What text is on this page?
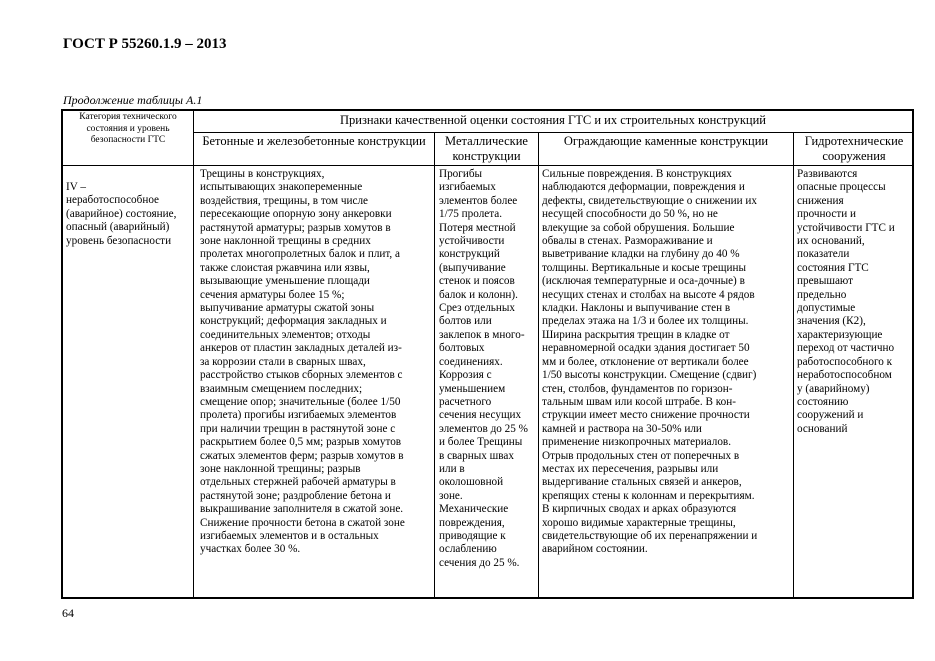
ГОСТ Р 55260.1.9 – 2013
Продолжение таблицы А.1
Категория технического состояния и уровень безопасности ГТС
Признаки качественной оценки состояния ГТС и их строительных конструкций
Бетонные и железобетонные конструкции	Металлические конструкции
Ограждающие каменные конструкции	Гидротехнические сооружения
IV –
неработоспособное
(аварийное) состояние,
опасный (аварийный)
уровень безопасности
Трещины в конструкциях,
испытывающих знакопеременные
воздействия, трещины, в том числе
пересекающие опорную зону анкеровки
растянутой арматуры; разрыв хомутов в
зоне наклонной трещины в средних
пролетах многопролетных балок и плит, а
также слоистая ржавчина или язвы,
вызывающие уменьшение площади
сечения арматуры более 15 %;
выпучивание арматуры сжатой зоны
конструкций; деформация закладных и
соединительных элементов; отходы
анкеров от пластин закладных деталей из-
за коррозии стали в сварных швах,
расстройство стыков сборных элементов с
взаимным смещением последних;
смещение опор; значительные (более 1/50
пролета) прогибы изгибаемых элементов
при наличии трещин в растянутой зоне с
раскрытием более 0,5 мм; разрыв хомутов
сжатых элементов ферм; разрыв хомутов в
зоне наклонной трещины; разрыв
отдельных стержней рабочей арматуры в
растянутой зоне; раздробление бетона и
выкрашивание заполнителя в сжатой зоне.
Снижение прочности бетона в сжатой зоне
изгибаемых элементов и в остальных
участках более 30 %.
Прогибы
изгибаемых
элементов более
1/75 пролета.
Потеря местной
устойчивости
конструкций
(выпучивание
стенок и поясов
балок и колонн).
Срез отдельных
болтов или
заклепок в много-
болтовых
соединениях.
Коррозия с
уменьшением
расчетного
сечения несущих
элементов до 25 %
и более Трещины
в сварных швах
или в
околошовной
зоне.
Механические
повреждения,
приводящие к
ослаблению
сечения до 25 %.
Сильные повреждения. В конструкциях
наблюдаются деформации, повреждения и
дефекты, свидетельствующие о снижении их
несущей способности до 50 %, но не
влекущие за собой обрушения. Большие
обвалы в стенах. Размораживание и
выветривание кладки на глубину до 40 %
толщины. Вертикальные и косые трещины
(исключая температурные и оса-дочные) в
несущих стенах и столбах на высоте 4 рядов
кладки. Наклоны и выпучивание стен в
пределах этажа на 1/3 и более их толщины.
Ширина раскрытия трещин в кладке от
неравномерной осадки здания достигает 50
мм и более, отклонение от вертикали более
1/50 высоты конструкции. Смещение (сдвиг)
стен, столбов, фундаментов по горизон-
тальным швам или косой штрабе. В кон-
струкции имеет место снижение прочности
камней и раствора на 30-50% или
применение низкопрочных материалов.
Отрыв продольных стен от поперечных в
местах их пересечения, разрывы или
выдергивание стальных связей и анкеров,
крепящих стены к колоннам и перекрытиям.
В кирпичных сводах и арках образуются
хорошо видимые характерные трещины,
свидетельствующие об их перенапряжении и
аварийном состоянии.
Развиваются
опасные процессы
снижения
прочности и
устойчивости ГТС и
их оснований,
показатели
состояния ГТС
превышают
предельно
допустимые
значения (К2),
характеризующие
переход от частично
работоспособного к
неработоспособном
у (аварийному)
состоянию
сооружений и
оснований
64
